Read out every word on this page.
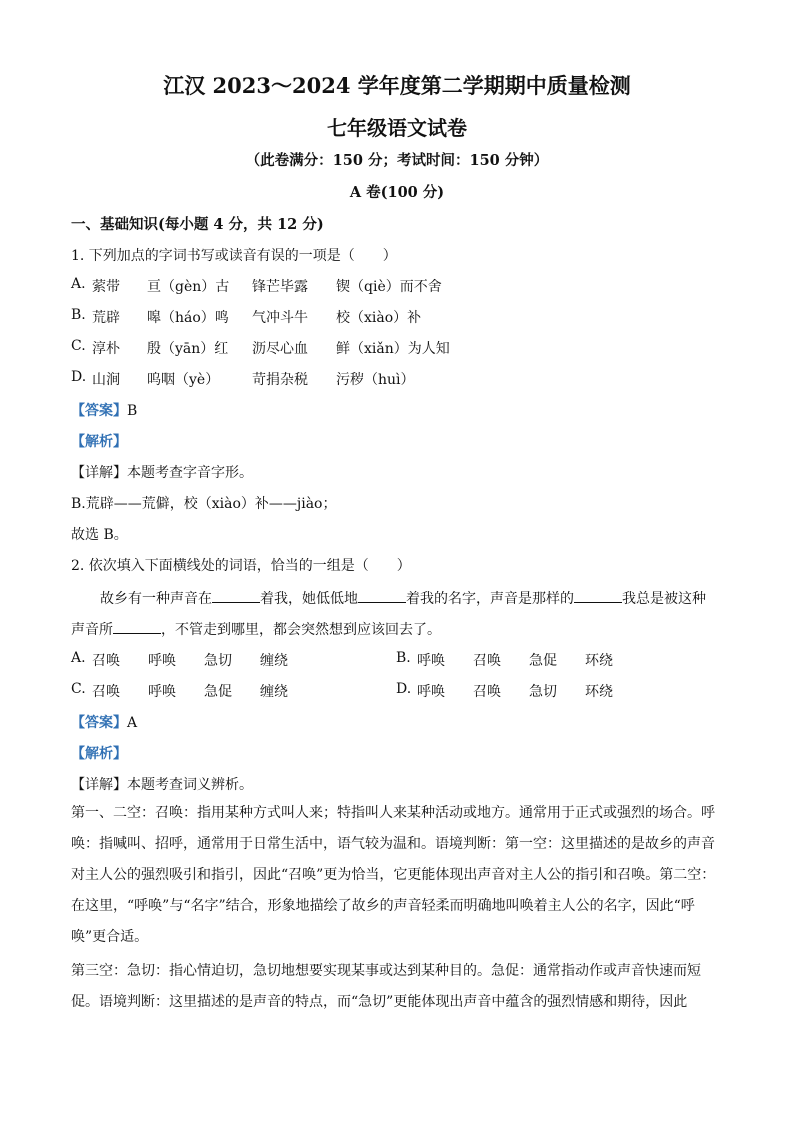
江汉 2023～2024 学年度第二学期期中质量检测
七年级语文试卷
（此卷满分：150 分；考试时间：150 分钟）
A 卷(100 分)
一、基础知识(每小题 4 分，共 12 分)
1. 下列加点的字词书写或读音有误的一项是（　　）
A. 萦带 亘（gèn）古 锋芒毕露 锲（qiè）而不舍
B. 荒辟 嗥（háo）鸣 气冲斗牛 校（xiào）补
C. 淳朴 殷（yān）红 沥尽心血 鲜（xiǎn）为人知
D. 山涧 呜咽（yè） 苛捐杂税 污秽（huì）
【答案】B
【解析】
【详解】本题考查字音字形。
B.荒辟——荒僻，校（xiào）补——jiào；
故选 B。
2. 依次填入下面横线处的词语，恰当的一组是（　　）
故乡有一种声音在	着我，她低低地	着我的名字，声音是那样的	我总是被这种
声音所	，不管走到哪里，都会突然想到应该回去了。
A. 召唤 呼唤 急切 缠绕	B. 呼唤 召唤 急促 环绕
C. 召唤 呼唤 急促 缠绕	D. 呼唤 召唤 急切 环绕
【答案】A
【解析】
【详解】本题考查词义辨析。
第一、二空：召唤：指用某种方式叫人来；特指叫人来某种活动或地方。通常用于正式或强烈的场合。呼唤：指喊叫、招呼，通常用于日常生活中，语气较为温和。语境判断：第一空：这里描述的是故乡的声音对主人公的强烈吸引和指引，因此“召唤”更为恰当，它更能体现出声音对主人公的指引和召唤。第二空：在这里，“呼唤”与“名字”结合，形象地描绘了故乡的声音轻柔而明确地叫唤着主人公的名字，因此“呼唤”更合适。
第三空：急切：指心情迫切，急切地想要实现某事或达到某种目的。急促：通常指动作或声音快速而短促。语境判断：这里描述的是声音的特点，而“急切”更能体现出声音中蕴含的强烈情感和期待，因此
